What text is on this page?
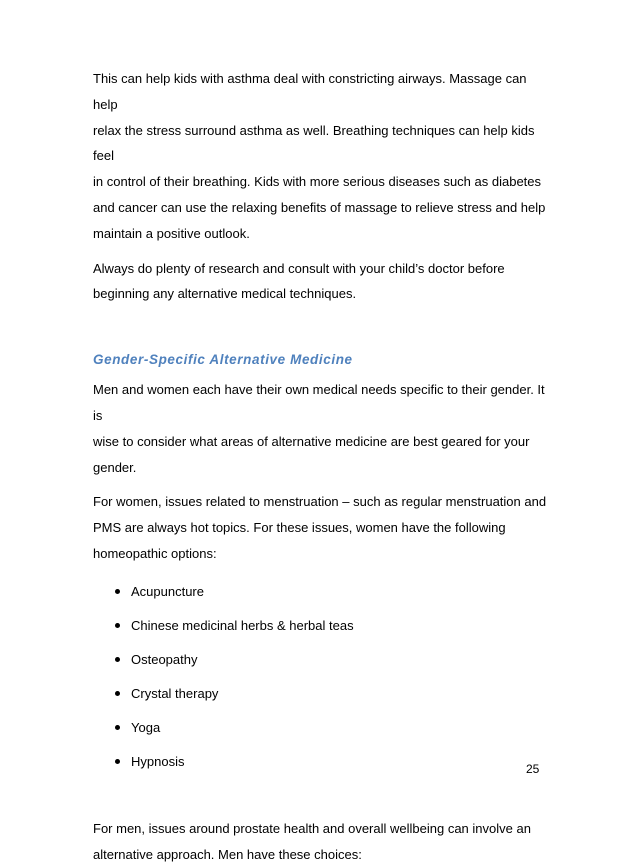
This can help kids with asthma deal with constricting airways. Massage can help
relax the stress surround asthma as well. Breathing techniques can help kids feel
in control of their breathing. Kids with more serious diseases such as diabetes
and cancer can use the relaxing benefits of massage to relieve stress and help
maintain a positive outlook.

Always do plenty of research and consult with your child’s doctor before
beginning any alternative medical techniques.

Gender-Specific Alternative Medicine

Men and women each have their own medical needs specific to their gender. It is
wise to consider what areas of alternative medicine are best geared for your
gender.

For women, issues related to menstruation – such as regular menstruation and
PMS are always hot topics. For these issues, women have the following
homeopathic options:

Acupuncture
Chinese medicinal herbs & herbal teas
Osteopathy
Crystal therapy
Yoga
Hypnosis

For men, issues around prostate health and overall wellbeing can involve an
alternative approach. Men have these choices:

25
